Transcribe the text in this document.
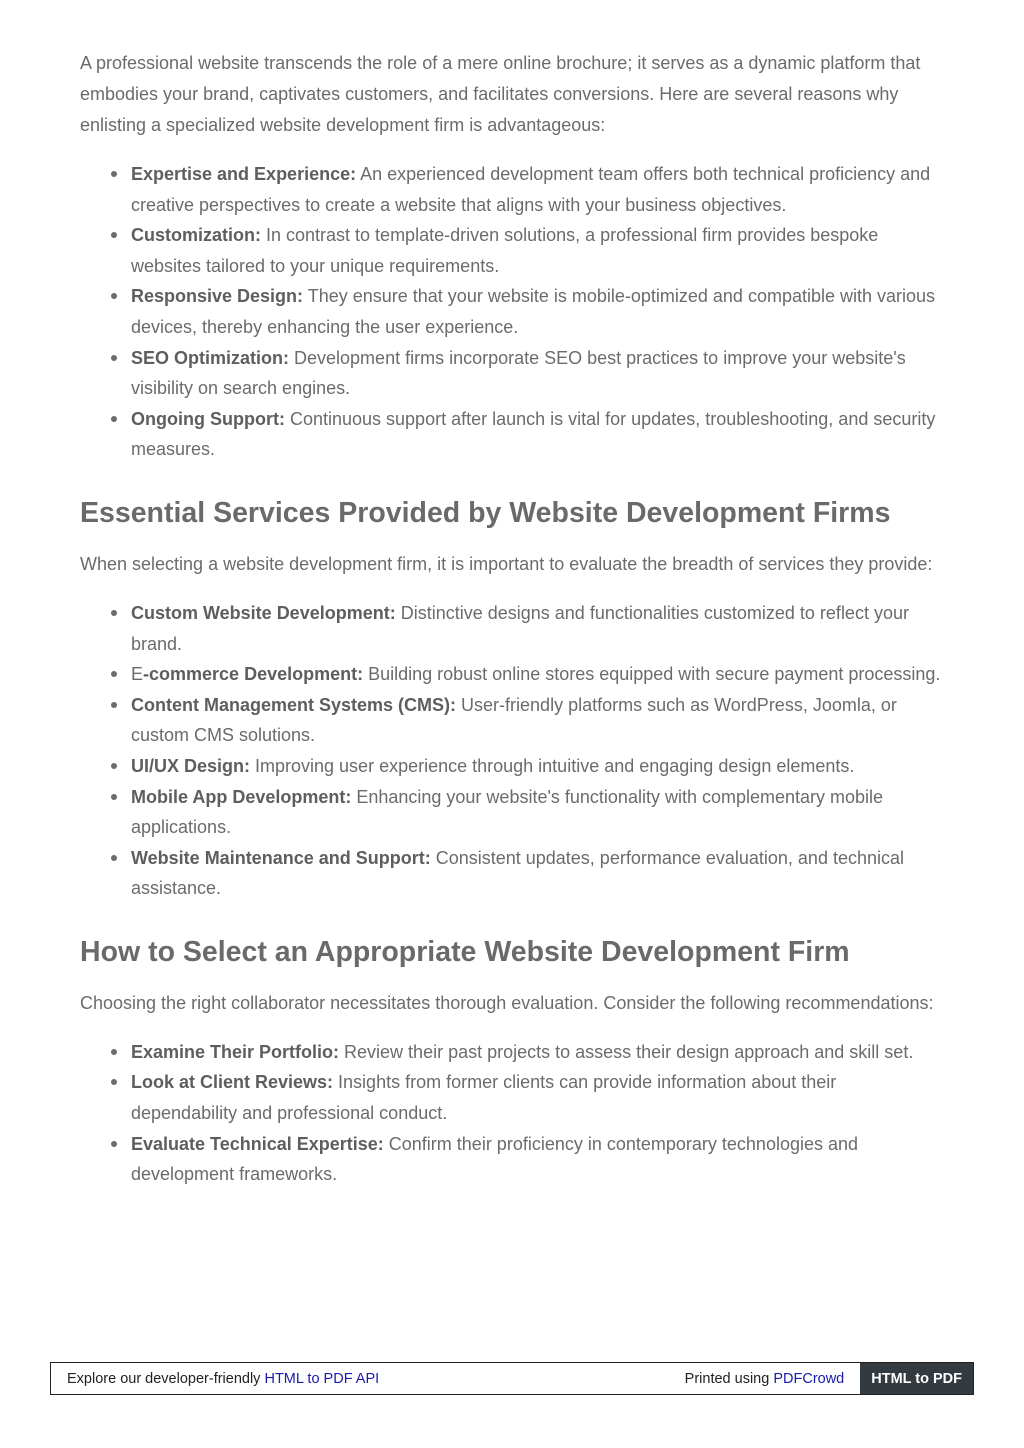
A professional website transcends the role of a mere online brochure; it serves as a dynamic platform that embodies your brand, captivates customers, and facilitates conversions. Here are several reasons why enlisting a specialized website development firm is advantageous:

Expertise and Experience: An experienced development team offers both technical proficiency and creative perspectives to create a website that aligns with your business objectives.
Customization: In contrast to template-driven solutions, a professional firm provides bespoke websites tailored to your unique requirements.
Responsive Design: They ensure that your website is mobile-optimized and compatible with various devices, thereby enhancing the user experience.
SEO Optimization: Development firms incorporate SEO best practices to improve your website's visibility on search engines.
Ongoing Support: Continuous support after launch is vital for updates, troubleshooting, and security measures.
Essential Services Provided by Website Development Firms

When selecting a website development firm, it is important to evaluate the breadth of services they provide:

Custom Website Development: Distinctive designs and functionalities customized to reflect your brand.
E-commerce Development: Building robust online stores equipped with secure payment processing.
Content Management Systems (CMS): User-friendly platforms such as WordPress, Joomla, or custom CMS solutions.
UI/UX Design: Improving user experience through intuitive and engaging design elements.
Mobile App Development: Enhancing your website's functionality with complementary mobile applications.
Website Maintenance and Support: Consistent updates, performance evaluation, and technical assistance.
How to Select an Appropriate Website Development Firm

Choosing the right collaborator necessitates thorough evaluation. Consider the following recommendations:

Examine Their Portfolio: Review their past projects to assess their design approach and skill set.
Look at Client Reviews: Insights from former clients can provide information about their dependability and professional conduct.
Evaluate Technical Expertise: Confirm their proficiency in contemporary technologies and development frameworks.
Explore our developer-friendly HTML to PDF API	Printed using PDFCrowd	HTML to PDF
